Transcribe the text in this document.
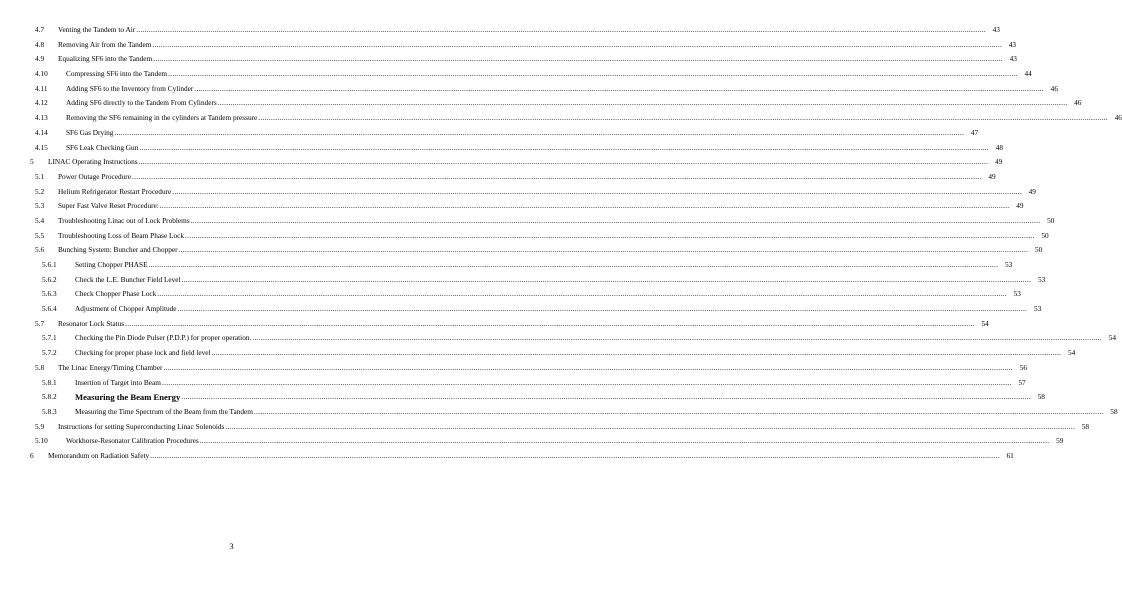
4.7 Venting the Tandem to Air ................................................................................................................................................................................................................................................................................................................................................................................................................ 43
4.8 Removing Air from the Tandem ................................................................................................................................................................................................................................................................................................................................................................................................................ 43
4.9 Equalizing SF6 into the Tandem ................................................................................................................................................................................................................................................................................................................................................................................................................ 43
4.10 Compressing SF6 into the Tandem ................................................................................................................................................................................................................................................................................................................................................................................................................ 44
4.11	Adding SF6 to the Inventory from Cylinder ................................................................................................................................................................................................................................................................................................................................................................................................................ 46
4.12 Adding SF6 directly to the Tandem From Cylinders ................................................................................................................................................................................................................................................................................................................................................................................................................ 46
4.13 Removing the SF6 remaining in the cylinders at Tandem pressure ................................................................................................................................................................................................................................................................................................................................................................................................................ 46
4.14 SF6 Gas Drying ................................................................................................................................................................................................................................................................................................................................................................................................................ 47
4.15 SF6 Leak Checking Gun ................................................................................................................................................................................................................................................................................................................................................................................................................ 48
5 LINAC Operating Instructions ................................................................................................................................................................................................................................................................................................................................................................................................................ 49
5.1 Power Outage Procedure ................................................................................................................................................................................................................................................................................................................................................................................................................ 49
5.2 Helium Refrigerator Restart Procedure ................................................................................................................................................................................................................................................................................................................................................................................................................ 49
5.3 Super Fast Valve Reset Procedure: ................................................................................................................................................................................................................................................................................................................................................................................................................ 49
5.4 Troubleshooting Linac out of Lock Problems ................................................................................................................................................................................................................................................................................................................................................................................................................ 50
5.5 Troubleshooting Loss of Beam Phase Lock ................................................................................................................................................................................................................................................................................................................................................................................................................ 50
5.6 Bunching System: Buncher and Chopper ................................................................................................................................................................................................................................................................................................................................................................................................................ 50
5.6.1	Setting Chopper PHASE ................................................................................................................................................................................................................................................................................................................................................................................................................ 53
5.6.2	Check the L.E. Buncher Field Level ................................................................................................................................................................................................................................................................................................................................................................................................................ 53
5.6.3	Check Chopper Phase Lock ................................................................................................................................................................................................................................................................................................................................................................................................................ 53
5.6.4	Adjustment of Chopper Amplitude ................................................................................................................................................................................................................................................................................................................................................................................................................ 53
5.7 Resonator Lock Status ................................................................................................................................................................................................................................................................................................................................................................................................................ 54
5.7.1	Checking the Pin Diode Pulser (P.D.P.) for proper operation. ................................................................................................................................................................................................................................................................................................................................................................................................................ 54
5.7.2	Checking for proper phase lock and field level ................................................................................................................................................................................................................................................................................................................................................................................................................ 54
5.8 The Linac Energy/Timing Chamber ................................................................................................................................................................................................................................................................................................................................................................................................................ 56
5.8.1	Insertion of Target into Beam ................................................................................................................................................................................................................................................................................................................................................................................................................ 57
5.8.2 Measuring the Beam Energy ................................................................................................................................................................................................................................................................................................................................................................................................................ 58
5.8.3	Measuring the Time Spectrum of the Beam from the Tandem ................................................................................................................................................................................................................................................................................................................................................................................................................ 58
5.9 Instructions for setting Superconducting Linac Solenoids ................................................................................................................................................................................................................................................................................................................................................................................................................ 58
5.10 Workhorse-Resonator Calibration Procedures ................................................................................................................................................................................................................................................................................................................................................................................................................ 59
6 Memorandum on Radiation Safety ................................................................................................................................................................................................................................................................................................................................................................................................................ 61
3
